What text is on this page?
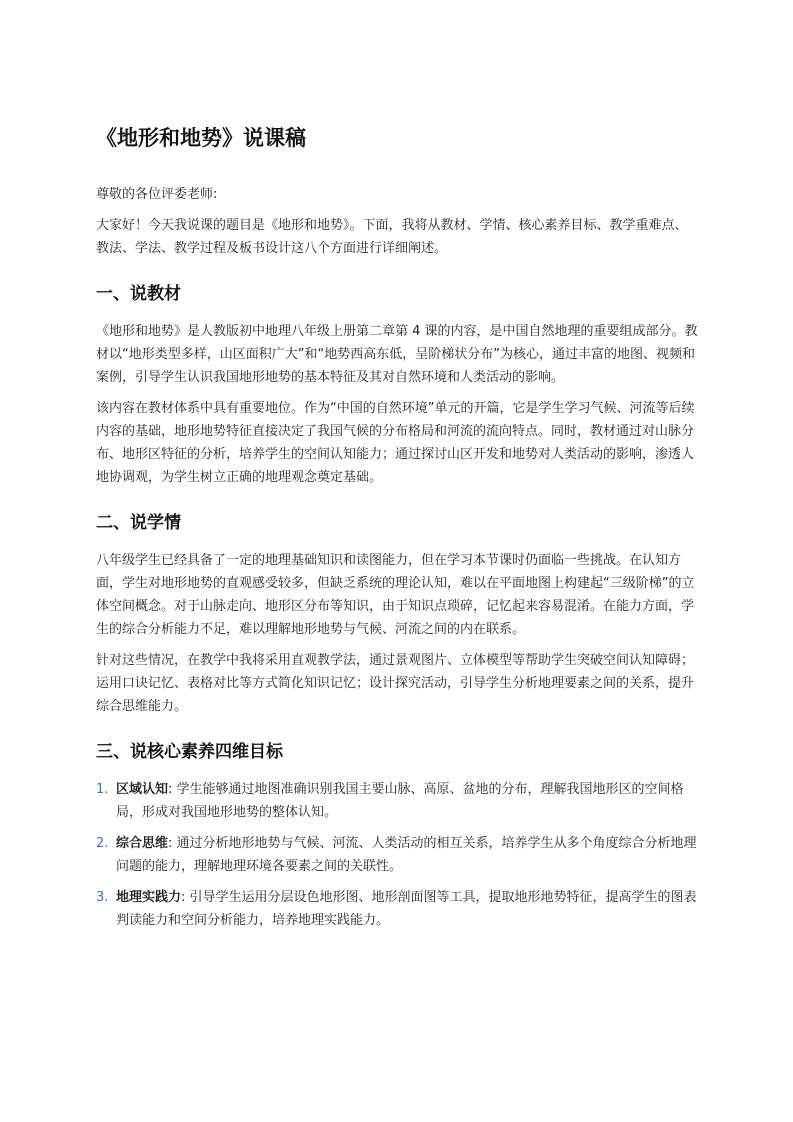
《地形和地势》说课稿

尊敬的各位评委老师:

大家好！今天我说课的题目是《地形和地势》。下面，我将从教材、学情、核心素养目标、教学重难点、教法、学法、教学过程及板书设计这八个方面进行详细阐述。

一、说教材

《地形和地势》是人教版初中地理八年级上册第二章第 4 课的内容，是中国自然地理的重要组成部分。教材以“地形类型多样，山区面积广大”和“地势西高东低，呈阶梯状分布”为核心，通过丰富的地图、视频和案例，引导学生认识我国地形地势的基本特征及其对自然环境和人类活动的影响。

该内容在教材体系中具有重要地位。作为“中国的自然环境”单元的开篇，它是学生学习气候、河流等后续内容的基础，地形地势特征直接决定了我国气候的分布格局和河流的流向特点。同时，教材通过对山脉分布、地形区特征的分析，培养学生的空间认知能力；通过探讨山区开发和地势对人类活动的影响，渗透人地协调观，为学生树立正确的地理观念奠定基础。

二、说学情

八年级学生已经具备了一定的地理基础知识和读图能力，但在学习本节课时仍面临一些挑战。在认知方面，学生对地形地势的直观感受较多，但缺乏系统的理论认知，难以在平面地图上构建起“三级阶梯”的立体空间概念。对于山脉走向、地形区分布等知识，由于知识点琐碎，记忆起来容易混淆。在能力方面，学生的综合分析能力不足，难以理解地形地势与气候、河流之间的内在联系。

针对这些情况，在教学中我将采用直观教学法，通过景观图片、立体模型等帮助学生突破空间认知障碍；运用口诀记忆、表格对比等方式简化知识记忆；设计探究活动，引导学生分析地理要素之间的关系，提升综合思维能力。

三、说核心素养四维目标
1. 区域认知: 学生能够通过地图准确识别我国主要山脉、高原、盆地的分布，理解我国地形区的空间格局，形成对我国地形地势的整体认知。
2. 综合思维: 通过分析地形地势与气候、河流、人类活动的相互关系，培养学生从多个角度综合分析地理问题的能力，理解地理环境各要素之间的关联性。
3. 地理实践力: 引导学生运用分层设色地形图、地形剖面图等工具，提取地形地势特征，提高学生的图表判读能力和空间分析能力，培养地理实践能力。
